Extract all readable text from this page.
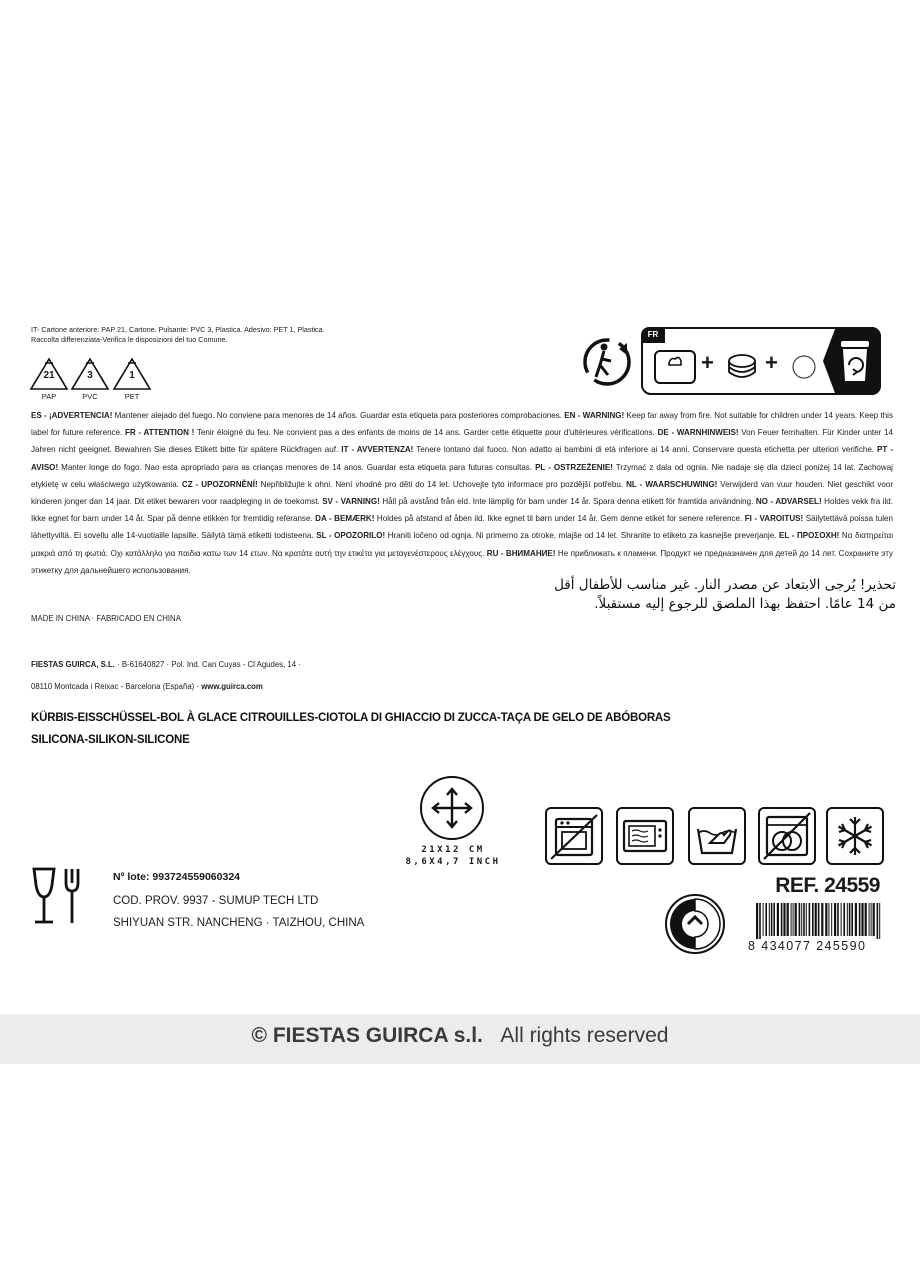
IT- Cartone anteriore: PAP 21, Cartone. Pulsante: PVC 3, Plastica. Adesivo: PET 1, Plastica.
Raccolta differenziata-Verifica le disposizioni del tuo Comune.
21
PAP
3
PVC
1
PET
FR
+ +
ES - ¡ADVERTENCIA! Mantener alejado del fuego. No conviene para menores de 14 años. Guardar esta etiqueta para posteriores comprobaciones. EN - WARNING! Keep far away from fire. Not suitable for children under 14 years. Keep this label for future reference. FR - ATTENTION ! Tenir éloigné du feu. Ne convient pas a des enfants de moins de 14 ans. Garder cette étiquette pour d'ultérieures vérifications. DE - WARNHINWEIS! Von Feuer fernhalten. Für Kinder unter 14 Jahren nicht geeignet. Bewahren Sie dieses Etikett bitte für spätere Rückfragen auf. IT - AVVERTENZA! Tenere lontano dal fuoco. Non adatto ai bambini di età inferiore ai 14 anni. Conservare questa etichetta per ulteriori verifiche. PT - AVISO! Manter longe do fogo. Nao esta apropriado para as crianças menores de 14 anos. Guardar esta etiqueta para futuras consultas. PL - OSTRZEŻENIE! Trzymać z dala od ognia. Nie nadaje się dla dzieci poniżej 14 lat. Zachowaj etykietę w celu właściwego użytkowania. CZ - UPOZORNĚNÍ! Nepřibližujte k ohni. Není vhodné pro děti do 14 let. Uchovejte tyto informace pro pozdější potřebu. NL - WAARSCHUWING! Verwijderd van vuur houden. Niet geschikt voor kinderen jonger dan 14 jaar. Dit etiket bewaren voor raadpleging in de toekomst. SV - VARNING! Håll på avstånd från eld. Inte lämplig för barn under 14 år. Spara denna etikett för framtida användning. NO - ADVARSEL! Holdes vekk fra ild. Ikke egnet for barn under 14 år. Spar på denne etikken for fremtidig referanse. DA - BEMÆRK! Holdes på afstand af åben ild. Ikke egnet til børn under 14 år. Gem denne etiket for senere reference. FI - VAROITUS! Säilytettävä poissa tulen lähettyviltä. Ei sovellu alle 14-vuotiaille lapsille. Säilytä tämä etiketti todisteena. SL - OPOZORILO! Hraniti ločeno od ognja. Ni primerno za otroke, mlajše od 14 let. Shranite to etiketo za kasnejše preverjanje. EL - ΠΡΟΣΟΧΗ! Να διατηρείται μακριά από τη φωτιά. Οχι κατάλληλο για παιδια κατω των 14 ετων. Να κρατάτε αυτή την ετικέτα για μεταγενέστερους ελέγχους. RU - ВНИМАНИЕ! Не приближать к пламени. Продукт не предназначен для детей до 14 лет. Сохраните эту этикетку для дальнейшего использования.
تحذير! يُرجى الابتعاد عن مصدر النار. غير مناسب للأطفال أقل
من 14 عامًا. احتفظ بهذا الملصق للرجوع إليه مستقبلاً.
MADE IN CHINA · FABRICADO EN CHINA
FIESTAS GUIRCA, S.L. · B-61640827 · Pol. Ind. Can Cuyas - Cl Agudes, 14 ·
08110 Montcada i Reixac - Barcelona (España) · www.guirca.com
KÜRBIS-EISSCHÜSSEL-BOL À GLACE CITROUILLES-CIOTOLA DI GHIACCIO DI ZUCCA-TAÇA DE GELO DE ABÓBORAS
SILICONA-SILIKON-SILICONE
21X12 CM
8,6X4,7 INCH
Nº lote: 993724559060324
COD. PROV. 9937 - SUMUP TECH LTD
SHIYUAN STR. NANCHENG · TAIZHOU, CHINA
REF. 24559
8 434077 245590
© FIESTAS GUIRCA s.l. All rights reserved
